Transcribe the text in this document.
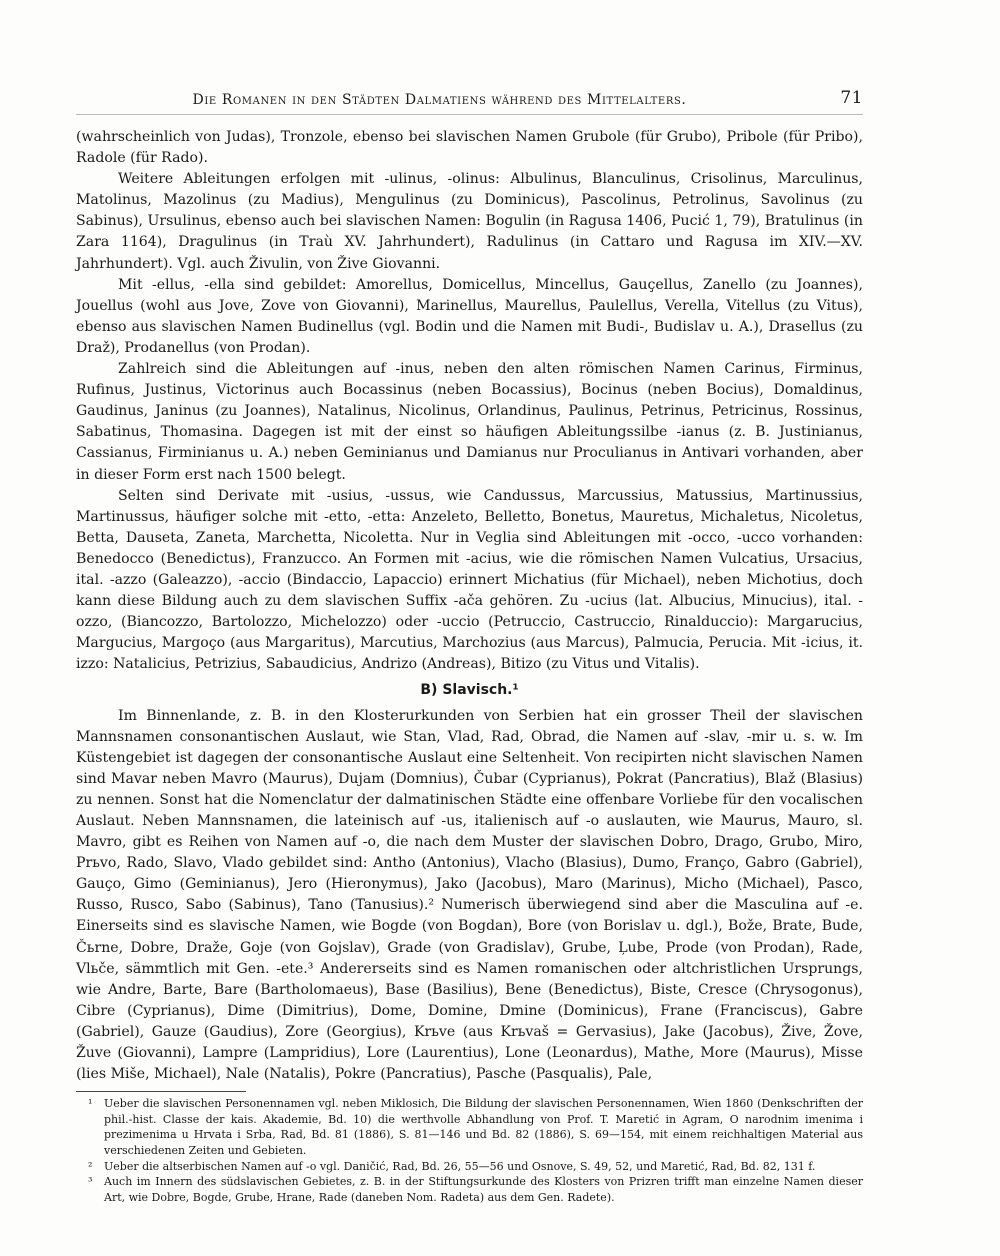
Die Romanen in den Städten Dalmatiens während des Mittelalters.	71

(wahrscheinlich von Judas), Tronzole, ebenso bei slavischen Namen Grubole (für Grubo), Pribole (für Pribo), Radole (für Rado).

Weitere Ableitungen erfolgen mit -ulinus, -olinus: Albulinus, Blanculinus, Crisolinus, Marculinus, Matolinus, Mazolinus (zu Madius), Mengulinus (zu Dominicus), Pascolinus, Petrolinus, Savolinus (zu Sabinus), Ursulinus, ebenso auch bei slavischen Namen: Bogulin (in Ragusa 1406, Pucić 1, 79), Bratulinus (in Zara 1164), Dragulinus (in Traù XV. Jahrhundert), Radulinus (in Cattaro und Ragusa im XIV.—XV. Jahrhundert). Vgl. auch Živulin, von Žive Giovanni.

Mit -ellus, -ella sind gebildet: Amorellus, Domicellus, Mincellus, Gauçellus, Zanello (zu Joannes), Jouellus (wohl aus Jove, Zove von Giovanni), Marinellus, Maurellus, Paulellus, Verella, Vitellus (zu Vitus), ebenso aus slavischen Namen Budinellus (vgl. Bodin und die Namen mit Budi-, Budislav u. A.), Drasellus (zu Draž), Prodanellus (von Prodan).

Zahlreich sind die Ableitungen auf -inus, neben den alten römischen Namen Carinus, Firminus, Rufinus, Justinus, Victorinus auch Bocassinus (neben Bocassius), Bocinus (neben Bocius), Domaldinus, Gaudinus, Janinus (zu Joannes), Natalinus, Nicolinus, Orlandinus, Paulinus, Petrinus, Petricinus, Rossinus, Sabatinus, Thomasina. Dagegen ist mit der einst so häufigen Ableitungssilbe -ianus (z. B. Justinianus, Cassianus, Firminianus u. A.) neben Geminianus und Damianus nur Proculianus in Antivari vorhanden, aber in dieser Form erst nach 1500 belegt.

Selten sind Derivate mit -usius, -ussus, wie Candussus, Marcussius, Matussius, Martinussius, Martinussus, häufiger solche mit -etto, -etta: Anzeleto, Belletto, Bonetus, Mauretus, Michaletus, Nicoletus, Betta, Dauseta, Zaneta, Marchetta, Nicoletta. Nur in Veglia sind Ableitungen mit -occo, -ucco vorhanden: Benedocco (Benedictus), Franzucco. An Formen mit -acius, wie die römischen Namen Vulcatius, Ursacius, ital. -azzo (Galeazzo), -accio (Bindaccio, Lapaccio) erinnert Michatius (für Michael), neben Michotius, doch kann diese Bildung auch zu dem slavischen Suffix -ača gehören. Zu -ucius (lat. Albucius, Minucius), ital. -ozzo, (Biancozzo, Bartolozzo, Michelozzo) oder -uccio (Petruccio, Castruccio, Rinalduccio): Margarucius, Margucius, Margoço (aus Margaritus), Marcutius, Marchozius (aus Marcus), Palmucia, Perucia. Mit -icius, it. izzo: Natalicius, Petrizius, Sabaudicius, Andrizo (Andreas), Bitizo (zu Vitus und Vitalis).

B) Slavisch.¹

Im Binnenlande, z. B. in den Klosterurkunden von Serbien hat ein grosser Theil der slavischen Mannsnamen consonantischen Auslaut, wie Stan, Vlad, Rad, Obrad, die Namen auf -slav, -mir u. s. w. Im Küstengebiet ist dagegen der consonantische Auslaut eine Seltenheit. Von recipirten nicht slavischen Namen sind Mavar neben Mavro (Maurus), Dujam (Domnius), Čubar (Cyprianus), Pokrat (Pancratius), Blaž (Blasius) zu nennen. Sonst hat die Nomenclatur der dalmatinischen Städte eine offenbare Vorliebe für den vocalischen Auslaut. Neben Mannsnamen, die lateinisch auf -us, italienisch auf -o auslauten, wie Maurus, Mauro, sl. Mavro, gibt es Reihen von Namen auf -o, die nach dem Muster der slavischen Dobro, Drago, Grubo, Miro, Prьvo, Rado, Slavo, Vlado gebildet sind: Antho (Antonius), Vlacho (Blasius), Dumo, Franço, Gabro (Gabriel), Gauço, Gimo (Geminianus), Jero (Hieronymus), Jako (Jacobus), Maro (Marinus), Micho (Michael), Pasco, Russo, Rusco, Sabo (Sabinus), Tano (Tanusius).² Numerisch überwiegend sind aber die Masculina auf -e. Einerseits sind es slavische Namen, wie Bogde (von Bogdan), Bore (von Borislav u. dgl.), Bože, Brate, Bude, Čьrne, Dobre, Draže, Goje (von Gojslav), Grade (von Gradislav), Grube, Ļube, Prode (von Prodan), Rade, Vlьče, sämmtlich mit Gen. -ete.³ Andererseits sind es Namen romanischen oder altchristlichen Ursprungs, wie Andre, Barte, Bare (Bartholomaeus), Base (Basilius), Bene (Benedictus), Biste, Cresce (Chrysogonus), Cibre (Cyprianus), Dime (Dimitrius), Dome, Domine, Dmine (Dominicus), Frane (Franciscus), Gabre (Gabriel), Gauze (Gaudius), Zore (Georgius), Krьve (aus Krьvaš = Gervasius), Jake (Jacobus), Žive, Žove, Žuve (Giovanni), Lampre (Lampridius), Lore (Laurentius), Lone (Leonardus), Mathe, More (Maurus), Misse (lies Miše, Michael), Nale (Natalis), Pokre (Pancratius), Pasche (Pasqualis), Pale,

¹ Ueber die slavischen Personennamen vgl. neben Miklosich, Die Bildung der slavischen Personennamen, Wien 1860 (Denkschriften der phil.-hist. Classe der kais. Akademie, Bd. 10) die werthvolle Abhandlung von Prof. T. Maretić in Agram, O narodnim imenima i prezimenima u Hrvata i Srba, Rad, Bd. 81 (1886), S. 81—146 und Bd. 82 (1886), S. 69—154, mit einem reichhaltigen Material aus verschiedenen Zeiten und Gebieten.
² Ueber die altserbischen Namen auf -o vgl. Daničić, Rad, Bd. 26, 55—56 und Osnove, S. 49, 52, und Maretić, Rad, Bd. 82, 131 f.
³ Auch im Innern des südslavischen Gebietes, z. B. in der Stiftungsurkunde des Klosters von Prizren trifft man einzelne Namen dieser Art, wie Dobre, Bogde, Grube, Hrane, Rade (daneben Nom. Radeta) aus dem Gen. Radete).
